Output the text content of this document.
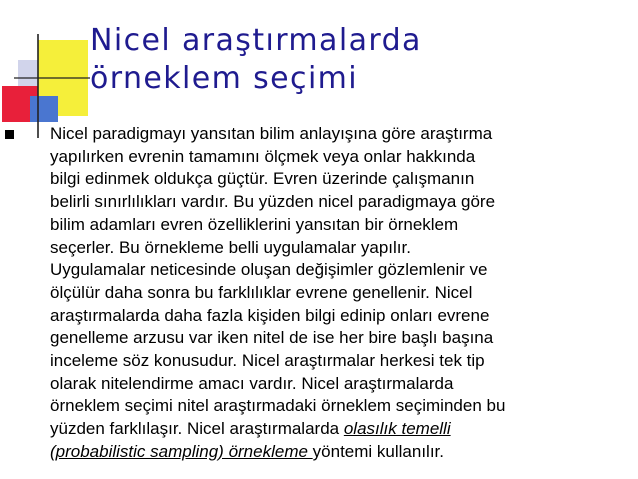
Nicel araştırmalarda
örneklem seçimi

Nicel paradigmayı yansıtan bilim anlayışına göre araştırma
yapılırken evrenin tamamını ölçmek veya onlar hakkında
bilgi edinmek oldukça güçtür. Evren üzerinde çalışmanın
belirli sınırlılıkları vardır. Bu yüzden nicel paradigmaya göre
bilim adamları evren özelliklerini yansıtan bir örneklem
seçerler. Bu örnekleme belli uygulamalar yapılır.
Uygulamalar neticesinde oluşan değişimler gözlemlenir ve
ölçülür daha sonra bu farklılıklar evrene genellenir. Nicel
araştırmalarda daha fazla kişiden bilgi edinip onları evrene
genelleme arzusu var iken nitel de ise her bire başlı başına
inceleme söz konusudur. Nicel araştırmalar herkesi tek tip
olarak nitelendirme amacı vardır. Nicel araştırmalarda
örneklem seçimi nitel araştırmadaki örneklem seçiminden bu
yüzden farklılaşır. Nicel araştırmalarda olasılık temelli
(probabilistic sampling) örnekleme yöntemi kullanılır.
